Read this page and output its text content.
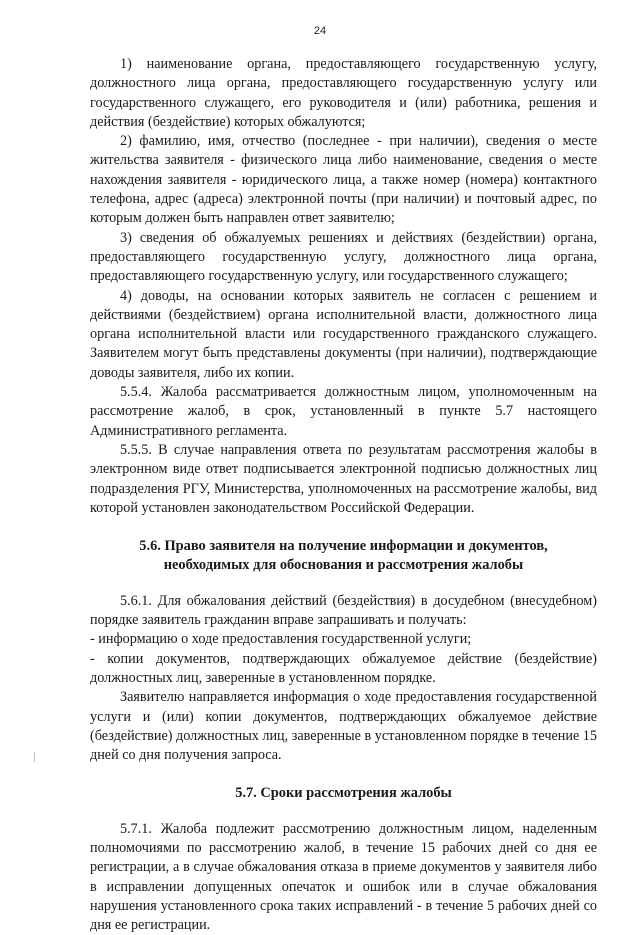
24

1) наименование органа, предоставляющего государственную услугу, должностного лица органа, предоставляющего государственную услугу или государственного служащего, его руководителя и (или) работника, решения и действия (бездействие) которых обжалуются;

2) фамилию, имя, отчество (последнее - при наличии), сведения о месте жительства заявителя - физического лица либо наименование, сведения о месте нахождения заявителя - юридического лица, а также номер (номера) контактного телефона, адрес (адреса) электронной почты (при наличии) и почтовый адрес, по которым должен быть направлен ответ заявителю;

3) сведения об обжалуемых решениях и действиях (бездействии) органа, предоставляющего государственную услугу, должностного лица органа, предоставляющего государственную услугу, или государственного служащего;

4) доводы, на основании которых заявитель не согласен с решением и действиями (бездействием) органа исполнительной власти, должностного лица органа исполнительной власти или государственного гражданского служащего. Заявителем могут быть представлены документы (при наличии), подтверждающие доводы заявителя, либо их копии.

5.5.4. Жалоба рассматривается должностным лицом, уполномоченным на рассмотрение жалоб, в срок, установленный в пункте 5.7 настоящего Административного регламента.

5.5.5. В случае направления ответа по результатам рассмотрения жалобы в электронном виде ответ подписывается электронной подписью должностных лиц подразделения РГУ, Министерства, уполномоченных на рассмотрение жалобы, вид которой установлен законодательством Российской Федерации.

5.6. Право заявителя на получение информации и документов,
необходимых для обоснования и рассмотрения жалобы

5.6.1. Для обжалования действий (бездействия) в досудебном (внесудебном) порядке заявитель гражданин вправе запрашивать и получать:

- информацию о ходе предоставления государственной услуги;

- копии документов, подтверждающих обжалуемое действие (бездействие) должностных лиц, заверенные в установленном порядке.

Заявителю направляется информация о ходе предоставления государственной услуги и (или) копии документов, подтверждающих обжалуемое действие (бездействие) должностных лиц, заверенные в установленном порядке в течение 15 дней со дня получения запроса.

5.7. Сроки рассмотрения жалобы

5.7.1. Жалоба подлежит рассмотрению должностным лицом, наделенным полномочиями по рассмотрению жалоб, в течение 15 рабочих дней со дня ее регистрации, а в случае обжалования отказа в приеме документов у заявителя либо в исправлении допущенных опечаток и ошибок или в случае обжалования нарушения установленного срока таких исправлений - в течение 5 рабочих дней со дня ее регистрации.
